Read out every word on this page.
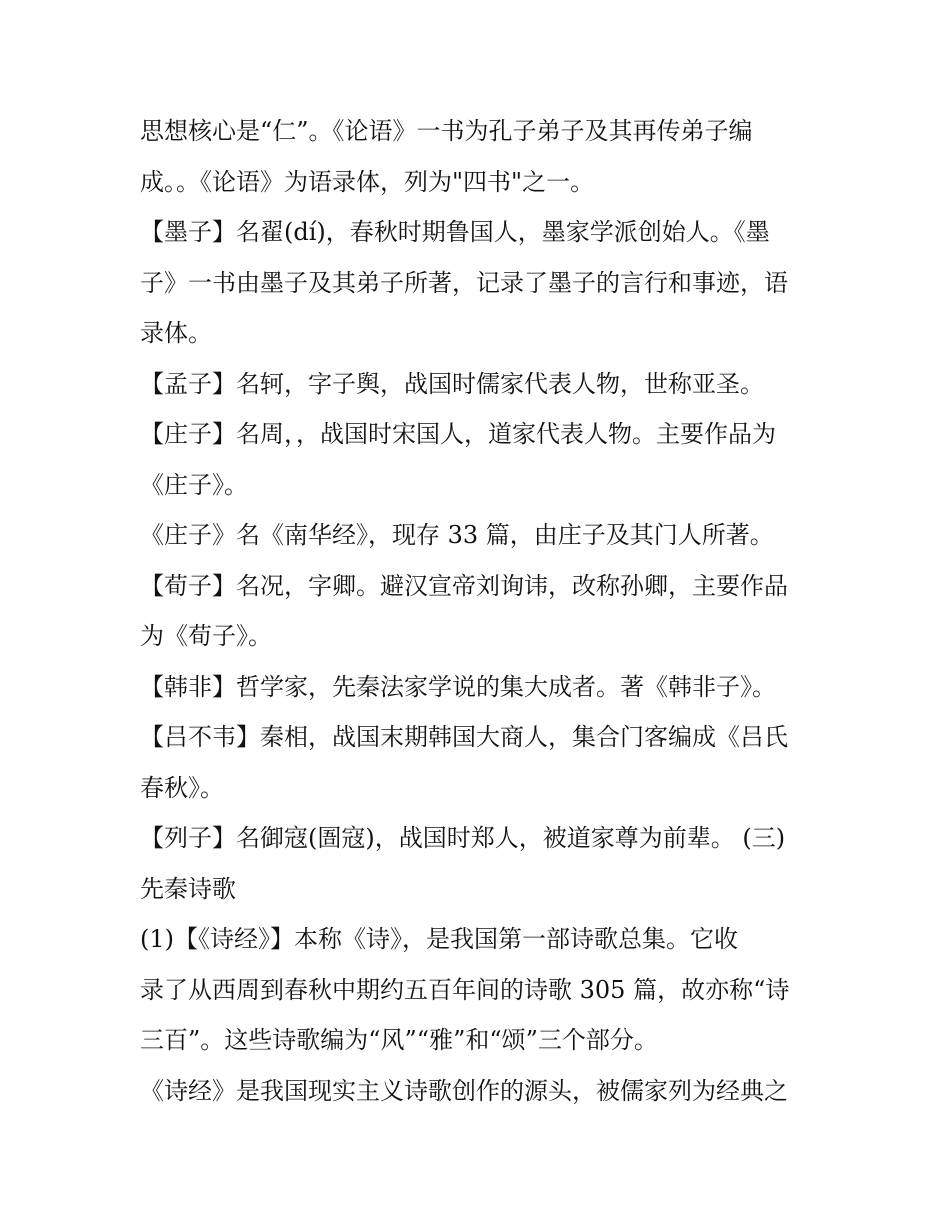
思想核心是“仁”。《论语》一书为孔子弟子及其再传弟子编
成。。《论语》为语录体，列为"四书"之一。
【墨子】名翟(dí)，春秋时期鲁国人，墨家学派创始人。《墨
子》一书由墨子及其弟子所著，记录了墨子的言行和事迹，语
录体。
【孟子】名轲，字子舆，战国时儒家代表人物，世称亚圣。
【庄子】名周，，战国时宋国人，道家代表人物。主要作品为
《庄子》。
《庄子》名《南华经》，现存 33 篇，由庄子及其门人所著。
【荀子】名况，字卿。避汉宣帝刘询讳，改称孙卿，主要作品
为《荀子》。
【韩非】哲学家，先秦法家学说的集大成者。著《韩非子》。
【吕不韦】秦相，战国末期韩国大商人，集合门客编成《吕氏
春秋》。
【列子】名御寇(圄寇)，战国时郑人，被道家尊为前辈。 (三)
先秦诗歌
(1)【《诗经》】本称《诗》，是我国第一部诗歌总集。它收
录了从西周到春秋中期约五百年间的诗歌 305 篇，故亦称“诗
三百”。这些诗歌编为“风”“雅”和“颂”三个部分。
《诗经》是我国现实主义诗歌创作的源头，被儒家列为经典之
